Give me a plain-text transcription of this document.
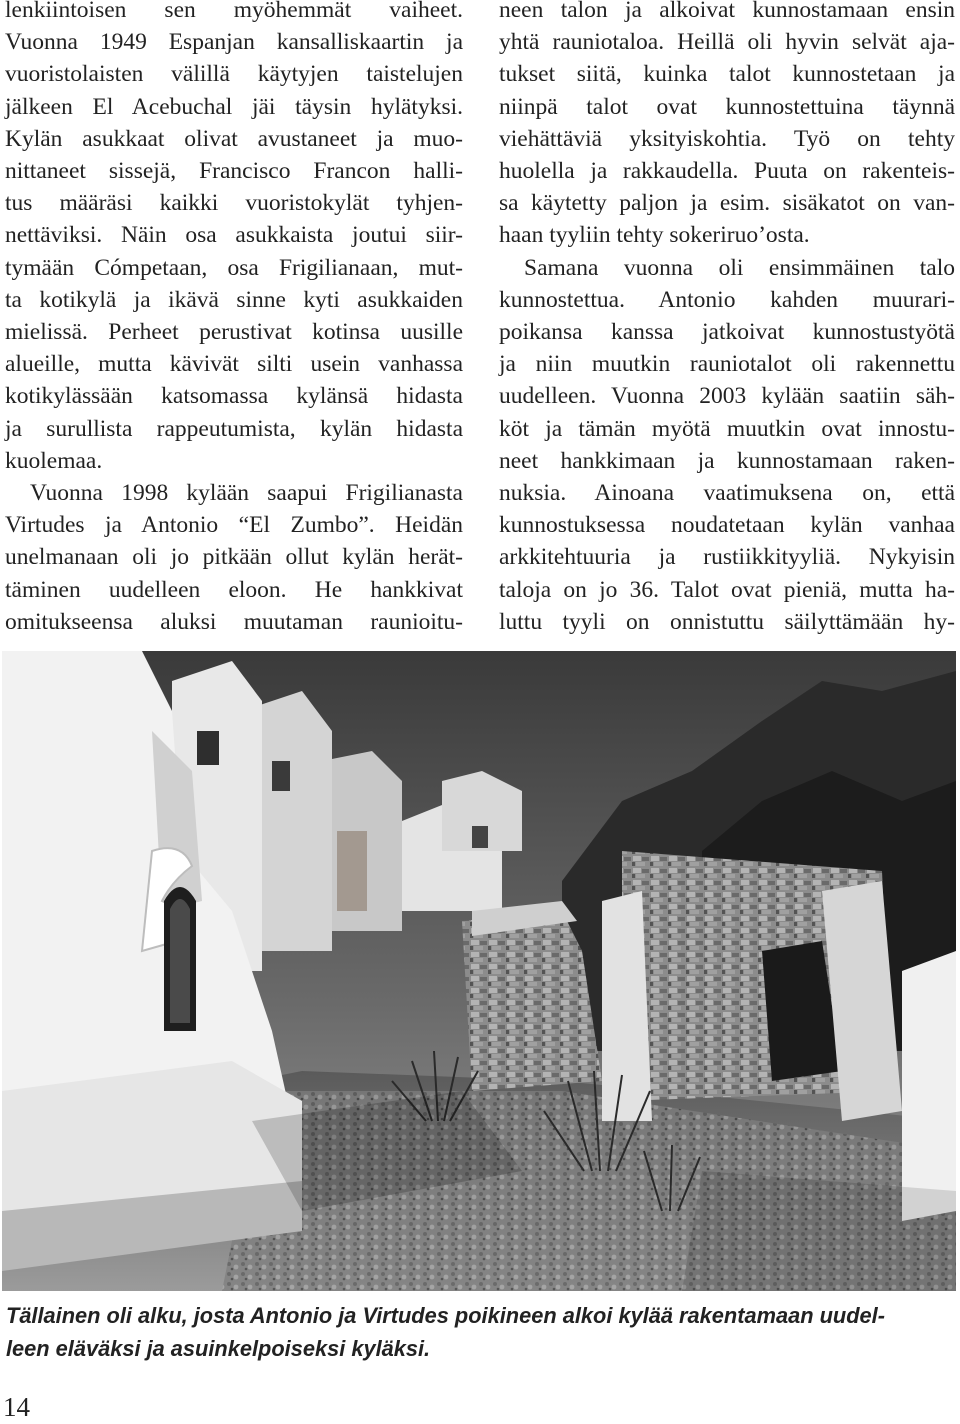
lenkiintoisen sen myöhemmät vaiheet.
Vuonna 1949 Espanjan kansalliskaartin ja
vuoristolaisten välillä käytyjen taistelujen
jälkeen El Acebuchal jäi täysin hylätyksi.
Kylän asukkaat olivat avustaneet ja muo-
nittaneet sissejä, Francisco Francon halli-
tus määräsi kaikki vuoristokylät tyhjen-
nettäviksi. Näin osa asukkaista joutui siir-
tymään Cómpetaan, osa Frigilianaan, mut-
ta kotikylä ja ikävä sinne kyti asukkaiden
mielissä. Perheet perustivat kotinsa uusille
alueille, mutta kävivät silti usein vanhassa
kotikylässään katsomassa kylänsä hidasta
ja surullista rappeutumista, kylän hidasta
kuolemaa.
Vuonna 1998 kylään saapui Frigilianasta
Virtudes ja Antonio “El Zumbo”. Heidän
unelmanaan oli jo pitkään ollut kylän herät-
täminen uudelleen eloon. He hankkivat
omitukseensa aluksi muutaman raunioitu-
neen talon ja alkoivat kunnostamaan ensin
yhtä rauniotaloa. Heillä oli hyvin selvät aja-
tukset siitä, kuinka talot kunnostetaan ja
niinpä talot ovat kunnostettuina täynnä
viehättäviä yksityiskohtia. Työ on tehty
huolella ja rakkaudella. Puuta on rakenteis-
sa käytetty paljon ja esim. sisäkatot on van-
haan tyyliin tehty sokeriruo’osta.
Samana vuonna oli ensimmäinen talo
kunnostettua. Antonio kahden muurari-
poikansa kanssa jatkoivat kunnostustyötä
ja niin muutkin rauniotalot oli rakennettu
uudelleen. Vuonna 2003 kylään saatiin säh-
köt ja tämän myötä muutkin ovat innostu-
neet hankkimaan ja kunnostamaan raken-
nuksia. Ainoana vaatimuksena on, että
kunnostuksessa noudatetaan kylän vanhaa
arkkitehtuuria ja rustiikkityyliä. Nykyisin
taloja on jo 36. Talot ovat pieniä, mutta ha-
luttu tyyli on onnistuttu säilyttämään hy-
Tällainen oli alku, josta Antonio ja Virtudes poikineen alkoi kylää rakentamaan uudel-
leen eläväksi ja asuinkelpoiseksi kyläksi.
14
